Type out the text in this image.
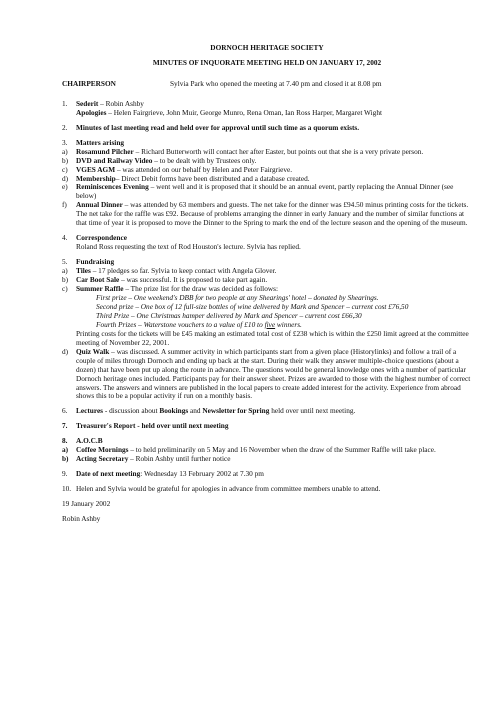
DORNOCH HERITAGE SOCIETY
MINUTES OF INQUORATE MEETING HELD ON JANUARY 17, 2002
CHAIRPERSON	Sylvia Park who opened the meeting at 7.40 pm and closed it at 8.08 pm
1.	Sederit – Robin Ashby
Apologies – Helen Fairgrieve, John Muir, George Munro, Rena Oman, Ian Ross Harper, Margaret Wight
2.	Minutes of last meeting read and held over for approval until such time as a quorum exists.
3.	Matters arising
a)	Rosamund Pilcher – Richard Butterworth will contact her after Easter, but points out that she is a very private person.
b)	DVD and Railway Video – to be dealt with by Trustees only.
c)	VGES AGM – was attended on our behalf by Helen and Peter Fairgrieve.
d)	Membership– Direct Debit forms have been distributed and a database created.
e)	Reminiscences Evening – went well and it is proposed that it should be an annual event, partly replacing the Annual Dinner (see below)
f)	Annual Dinner – was attended by 63 members and guests. The net take for the dinner was £94.50 minus printing costs for the tickets. The net take for the raffle was £92. Because of problems arranging the dinner in early January and the number of similar functions at that time of year it is proposed to move the Dinner to the Spring to mark the end of the lecture season and the opening of the museum.
4.	Correspondence
Roland Ross requesting the text of Rod Houston's lecture. Sylvia has replied.
5.	Fundraising
a)	Tiles – 17 pledges so far. Sylvia to keep contact with Angela Glover.
b)	Car Boot Sale – was successful. It is proposed to take part again.
c)	Summer Raffle – The prize list for the draw was decided as follows:
First prize – One weekend's DBB for two people at any Shearings' hotel – donated by Shearings.
Second prize – One box of 12 full-size bottles of wine delivered by Mark and Spencer – current cost £76,50
Third Prize – One Christmas hamper delivered by Mark and Spencer – current cost £66,30
Fourth Prizes – Waterstone vouchers to a value of £10 to five winners.
Printing costs for the tickets will be £45 making an estimated total cost of £238 which is within the £250 limit agreed at the committee meeting of November 22, 2001.
d)	Quiz Walk – was discussed. A summer activity in which participants start from a given place (Historylinks) and follow a trail of a couple of miles through Dornoch and ending up back at the start. During their walk they answer multiple-choice questions (about a dozen) that have been put up along the route in advance. The questions would be general knowledge ones with a number of particular Dornoch heritage ones included. Participants pay for their answer sheet. Prizes are awarded to those with the highest number of correct answers. The answers and winners are published in the local papers to create added interest for the activity. Experience from abroad shows this to be a popular activity if run on a monthly basis.
6.	Lectures - discussion about Bookings and Newsletter for Spring held over until next meeting.
7.	Treasurer's Report - held over until next meeting
8.	A.O.C.B
a)	Coffee Mornings – to held preliminarily on 5 May and 16 November when the draw of the Summer Raffle will take place.
b)	Acting Secretary – Robin Ashby until further notice
9.	Date of next meeting: Wednesday 13 February 2002 at 7.30 pm
10. Helen and Sylvia would be grateful for apologies in advance from committee members unable to attend.
19 January 2002
Robin Ashby
